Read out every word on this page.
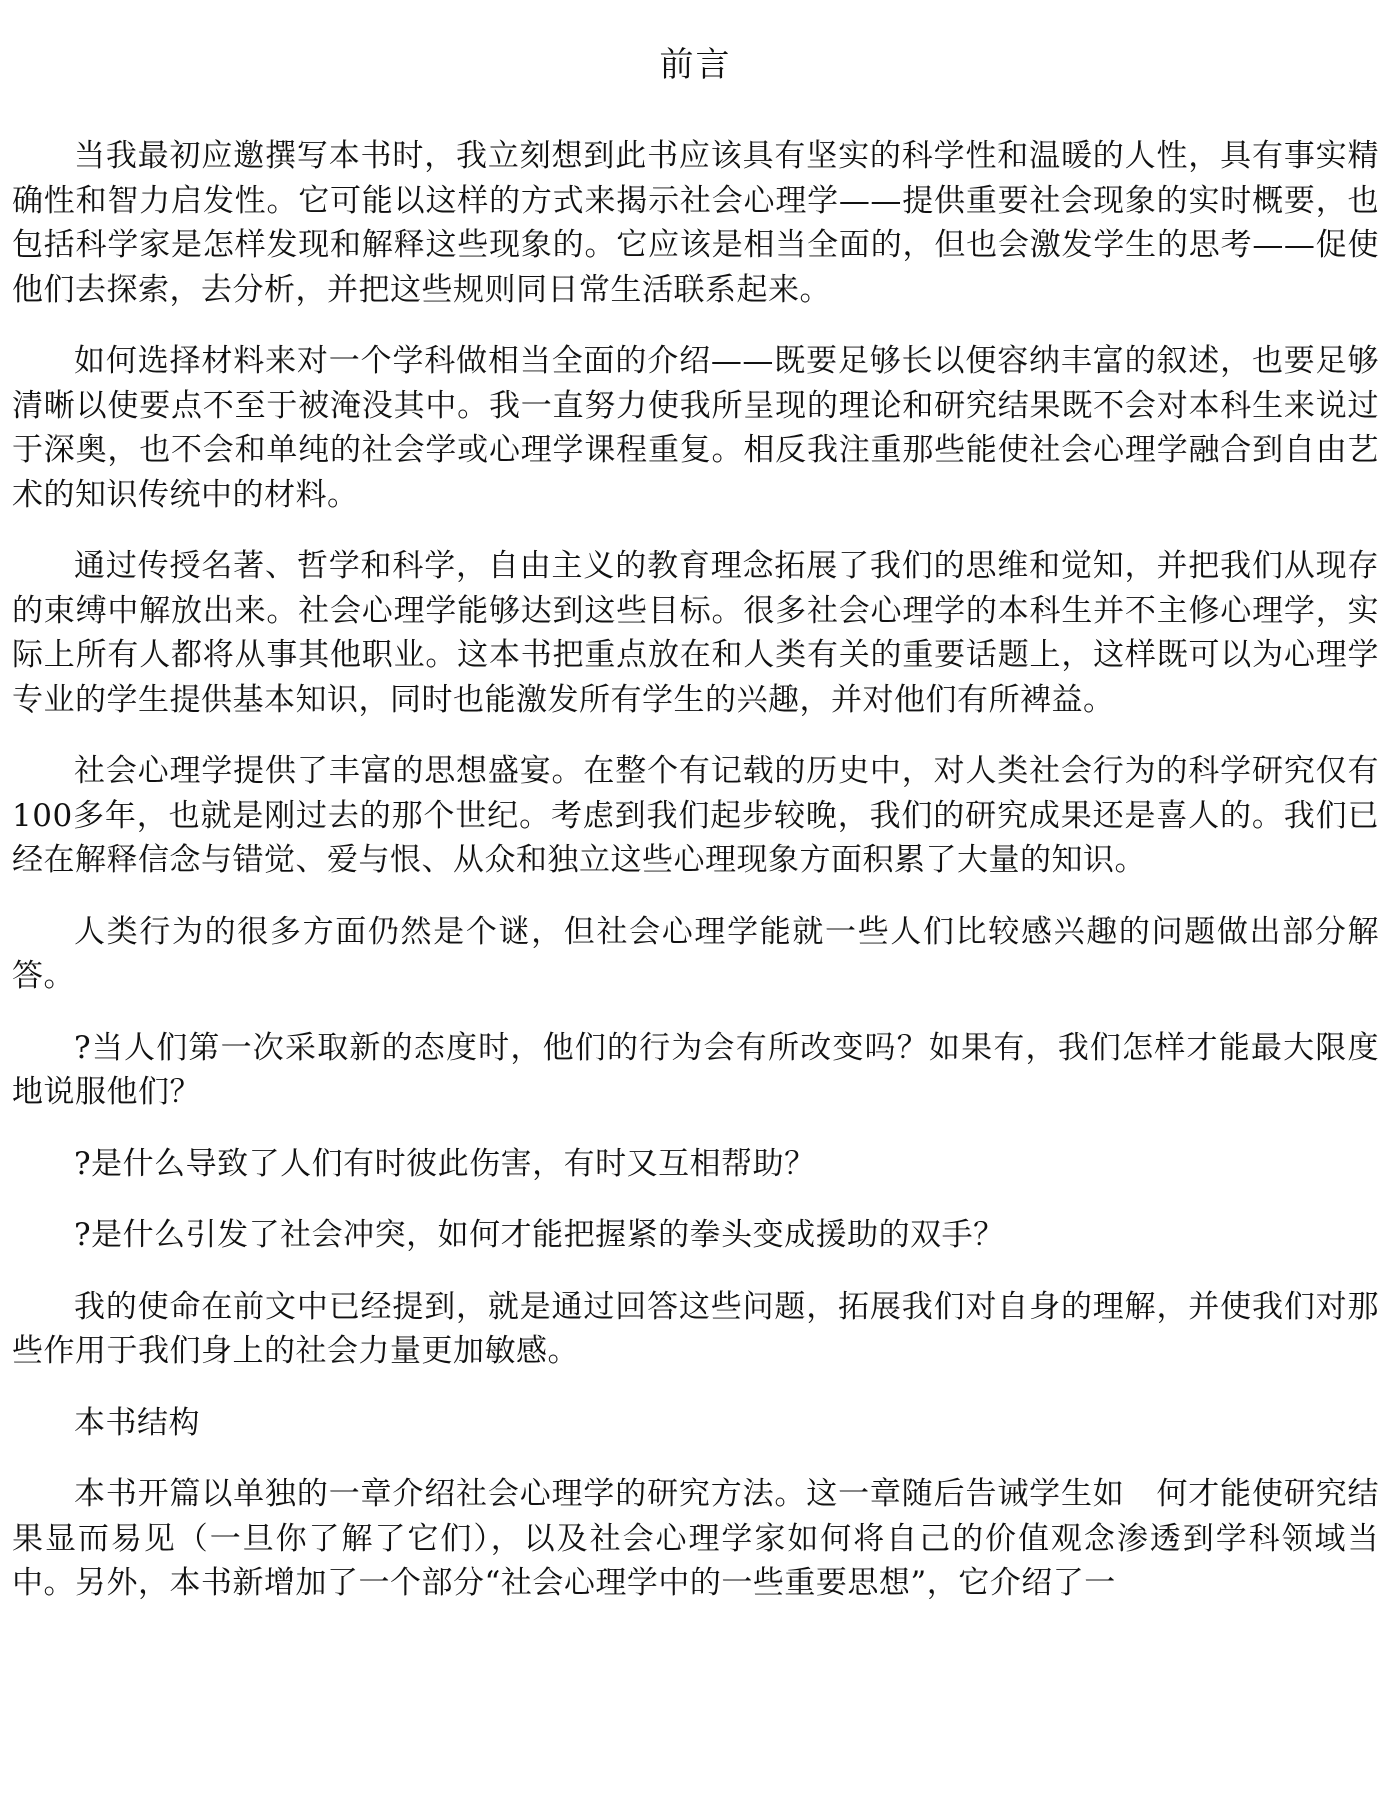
前言

当我最初应邀撰写本书时，我立刻想到此书应该具有坚实的科学性和温暖的人性，具有事实精确性和智力启发性。它可能以这样的方式来揭示社会心理学——提供重要社会现象的实时概要，也包括科学家是怎样发现和解释这些现象的。它应该是相当全面的，但也会激发学生的思考——促使他们去探索，去分析，并把这些规则同日常生活联系起来。

如何选择材料来对一个学科做相当全面的介绍——既要足够长以便容纳丰富的叙述，也要足够清晰以使要点不至于被淹没其中。我一直努力使我所呈现的理论和研究结果既不会对本科生来说过于深奥，也不会和单纯的社会学或心理学课程重复。相反我注重那些能使社会心理学融合到自由艺术的知识传统中的材料。

通过传授名著、哲学和科学，自由主义的教育理念拓展了我们的思维和觉知，并把我们从现存的束缚中解放出来。社会心理学能够达到这些目标。很多社会心理学的本科生并不主修心理学，实际上所有人都将从事其他职业。这本书把重点放在和人类有关的重要话题上，这样既可以为心理学专业的学生提供基本知识，同时也能激发所有学生的兴趣，并对他们有所裨益。

社会心理学提供了丰富的思想盛宴。在整个有记载的历史中，对人类社会行为的科学研究仅有100多年，也就是刚过去的那个世纪。考虑到我们起步较晚，我们的研究成果还是喜人的。我们已经在解释信念与错觉、爱与恨、从众和独立这些心理现象方面积累了大量的知识。

人类行为的很多方面仍然是个谜，但社会心理学能就一些人们比较感兴趣的问题做出部分解答。

?当人们第一次采取新的态度时，他们的行为会有所改变吗？如果有，我们怎样才能最大限度地说服他们？

?是什么导致了人们有时彼此伤害，有时又互相帮助？

?是什么引发了社会冲突，如何才能把握紧的拳头变成援助的双手？

我的使命在前文中已经提到，就是通过回答这些问题，拓展我们对自身的理解，并使我们对那些作用于我们身上的社会力量更加敏感。

本书结构

本书开篇以单独的一章介绍社会心理学的研究方法。这一章随后告诫学生如　何才能使研究结果显而易见（一旦你了解了它们），以及社会心理学家如何将自己的价值观念渗透到学科领域当中。另外，本书新增加了一个部分“社会心理学中的一些重要思想”，它介绍了一
